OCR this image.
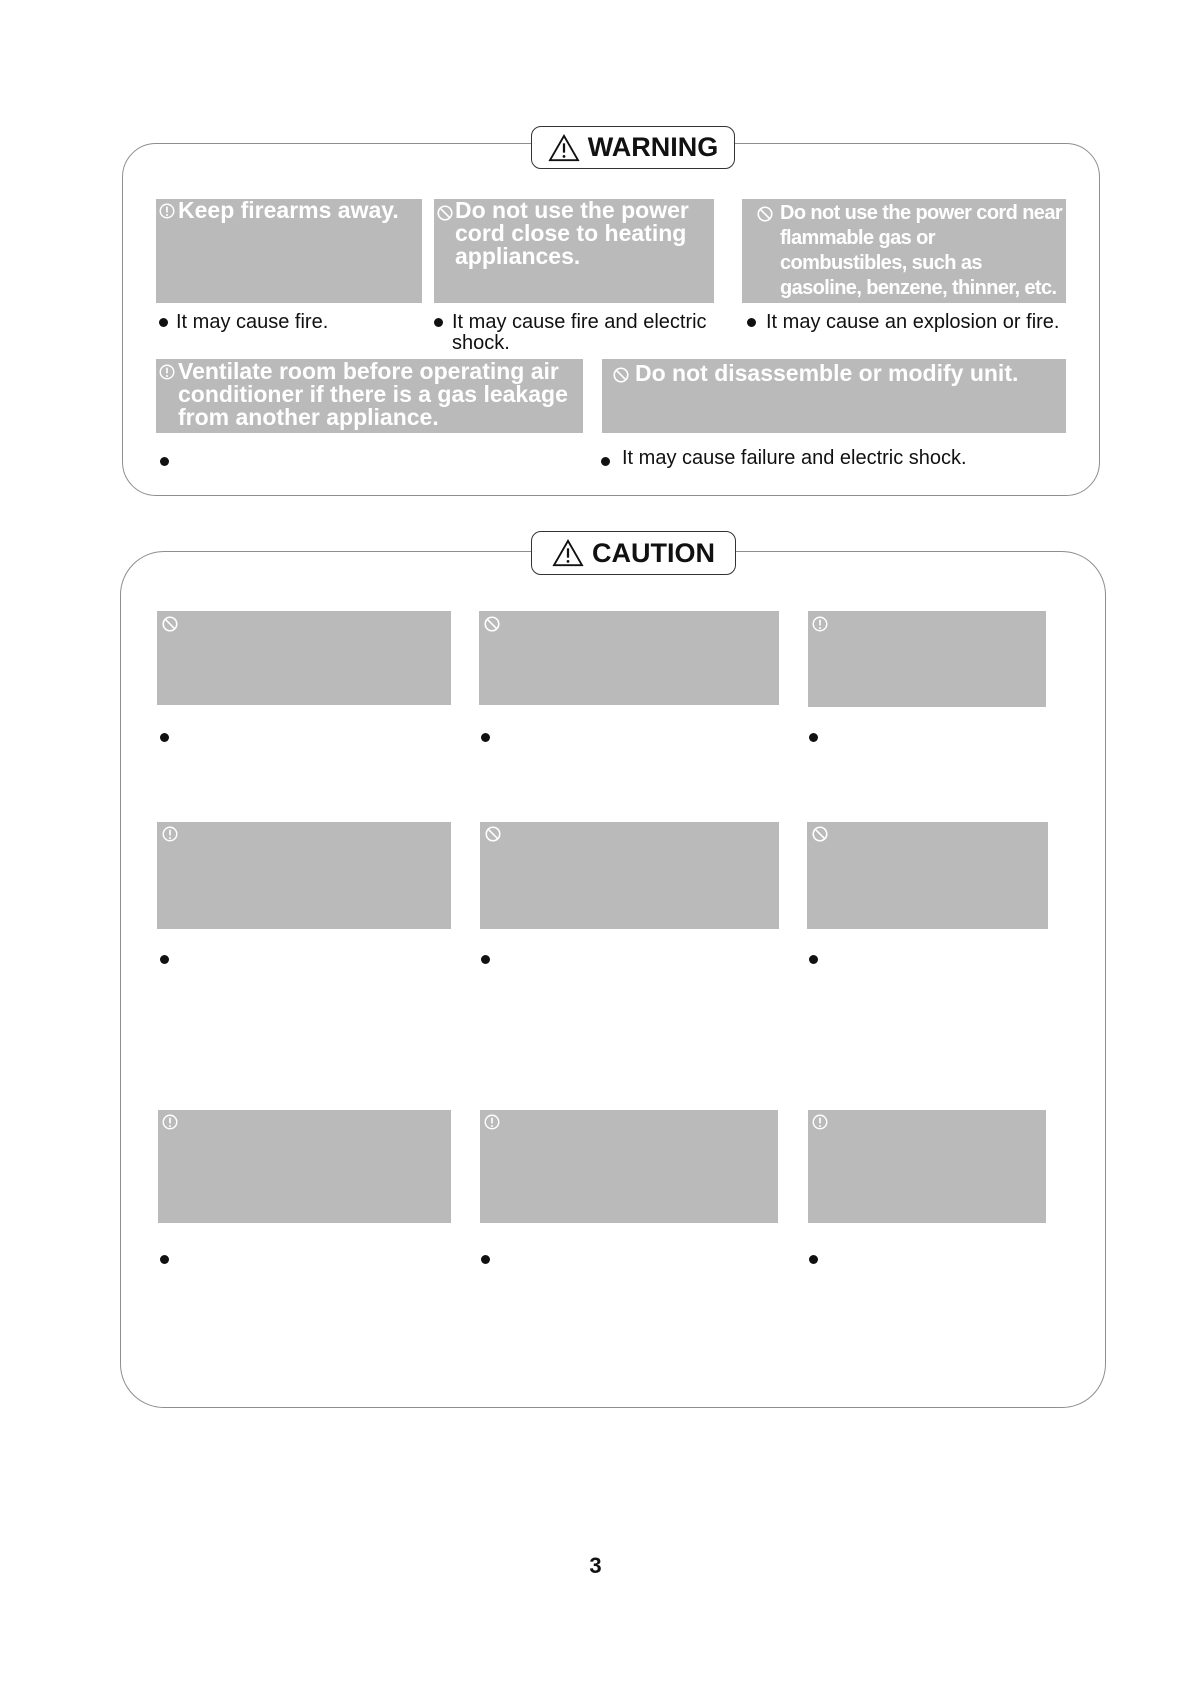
WARNING
Keep firearms away.
It may cause fire.
Do not use the power cord close to heating appliances.
It may cause fire and electric shock.
Do not use the power cord near flammable gas or combustibles, such as gasoline, benzene, thinner, etc.
It may cause an explosion or fire.
Ventilate room before operating air conditioner if there is a gas leakage from another appliance.
Do not disassemble or modify unit.
It may cause failure and electric shock.
CAUTION
3
